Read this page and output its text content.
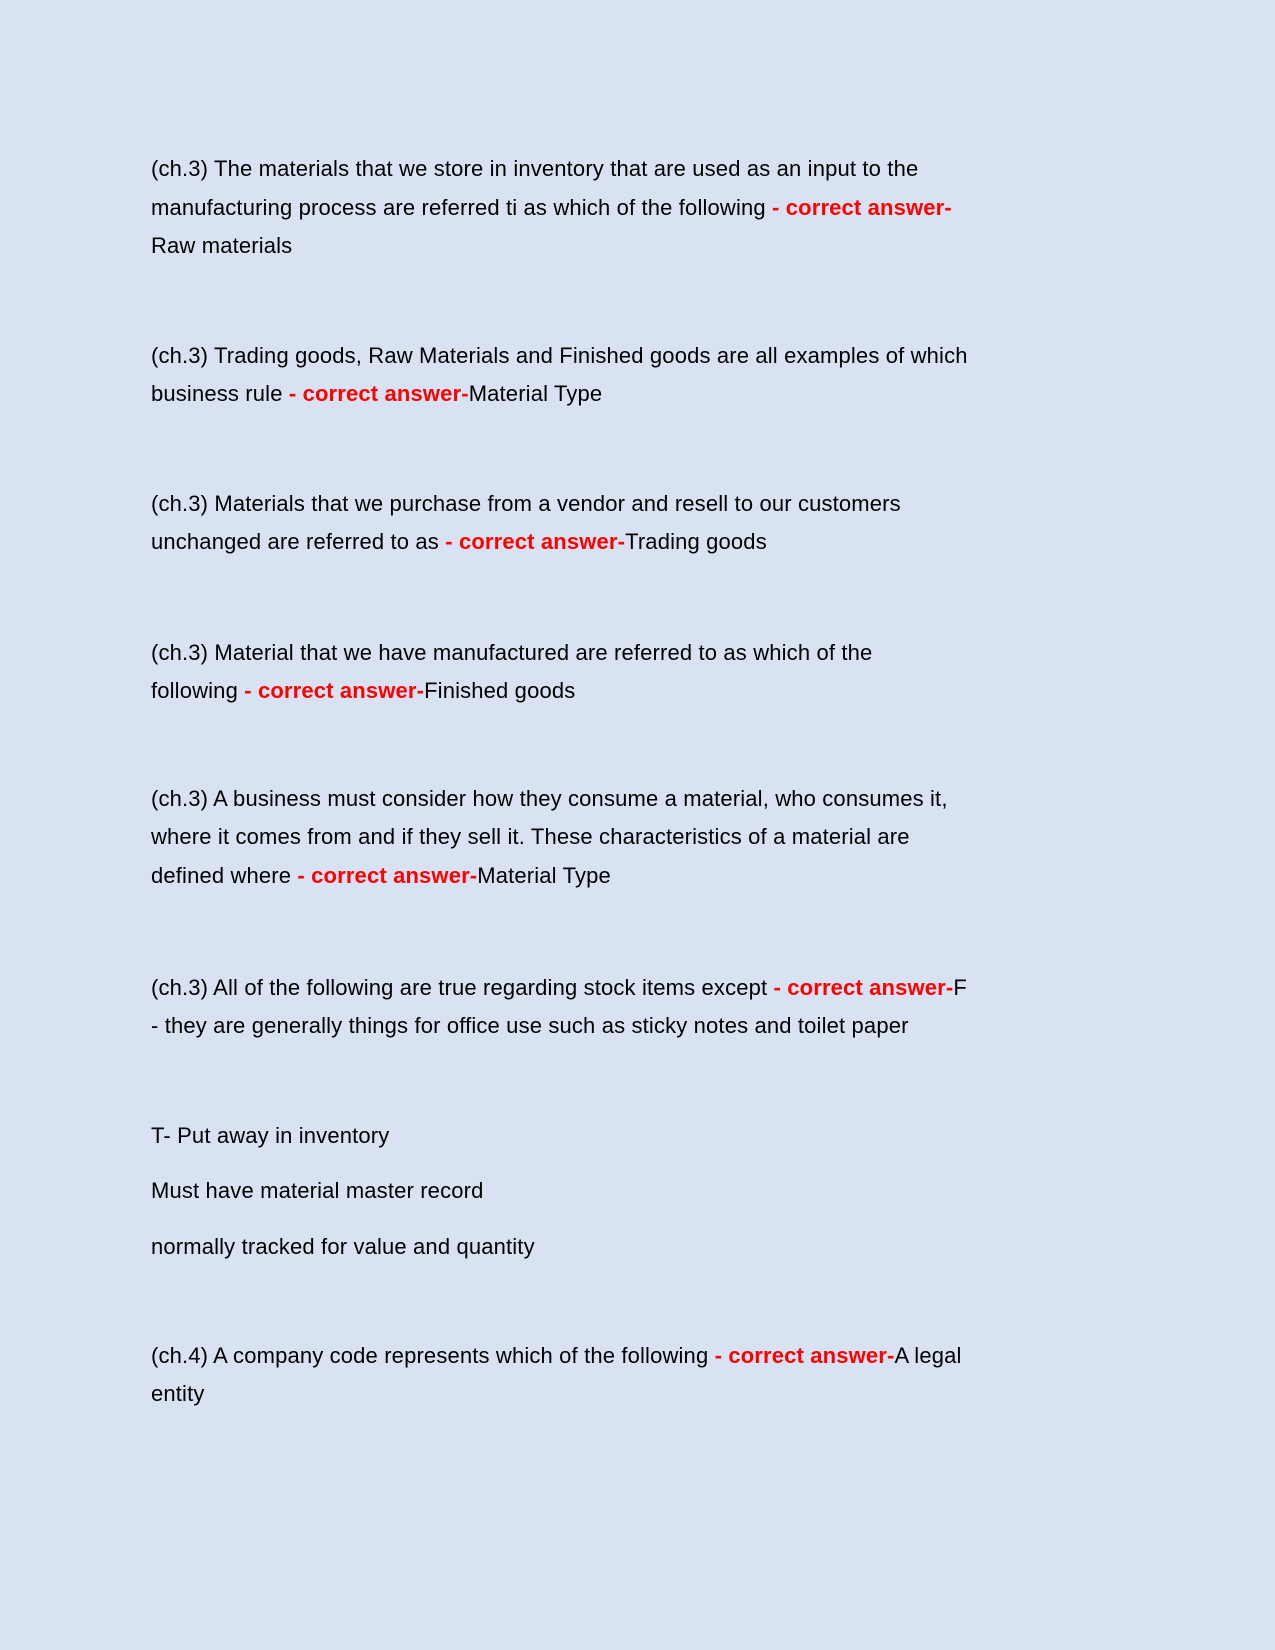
(ch.3) The materials that we store in inventory that are used as an input to the
manufacturing process are referred ti as which of the following - correct answer-
Raw materials
(ch.3) Trading goods, Raw Materials and Finished goods are all examples of which
business rule - correct answer-Material Type
(ch.3) Materials that we purchase from a vendor and resell to our customers
unchanged are referred to as - correct answer-Trading goods
(ch.3) Material that we have manufactured are referred to as which of the
following - correct answer-Finished goods
(ch.3) A business must consider how they consume a material, who consumes it,
where it comes from and if they sell it. These characteristics of a material are
defined where - correct answer-Material Type
(ch.3) All of the following are true regarding stock items except - correct answer-F
- they are generally things for office use such as sticky notes and toilet paper
T- Put away in inventory
Must have material master record
normally tracked for value and quantity
(ch.4) A company code represents which of the following - correct answer-A legal
entity
